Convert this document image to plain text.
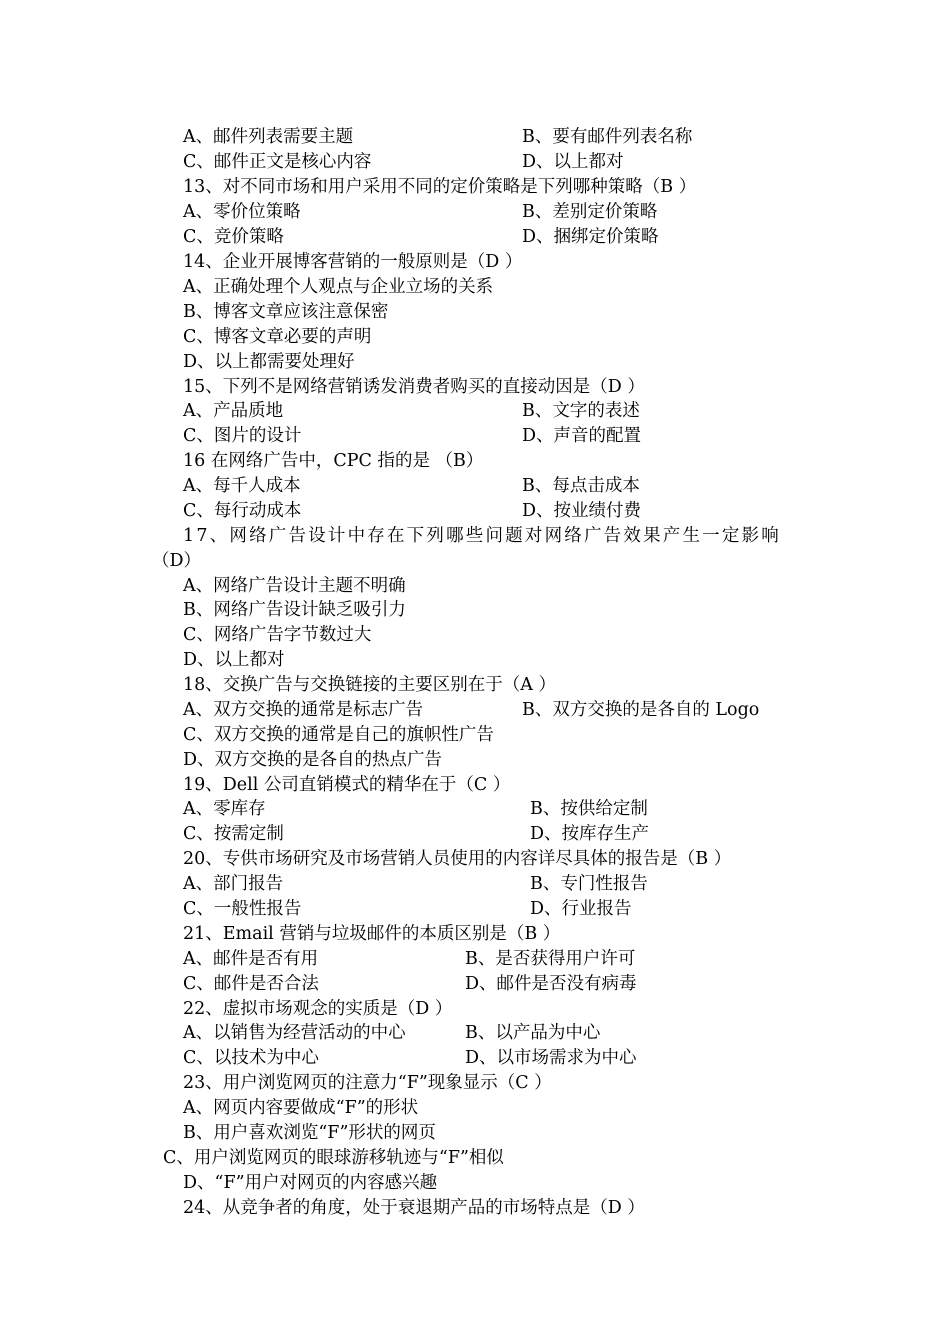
A、邮件列表需要主题	B、要有邮件列表名称
C、邮件正文是核心内容	D、以上都对
13、对不同市场和用户采用不同的定价策略是下列哪种策略（B ）
A、零价位策略	B、差别定价策略
C、竞价策略	D、捆绑定价策略
14、企业开展博客营销的一般原则是（D ）
A、正确处理个人观点与企业立场的关系
B、博客文章应该注意保密
C、博客文章必要的声明
D、以上都需要处理好
15、下列不是网络营销诱发消费者购买的直接动因是（D ）
A、产品质地	B、文字的表述
C、图片的设计	D、声音的配置
16 在网络广告中，CPC 指的是 （B）
A、每千人成本	B、每点击成本
C、每行动成本	D、按业绩付费
17、网络广告设计中存在下列哪些问题对网络广告效果产生一定影响
（D）
A、网络广告设计主题不明确
B、网络广告设计缺乏吸引力
C、网络广告字节数过大
D、以上都对
18、交换广告与交换链接的主要区别在于（A ）
A、双方交换的通常是标志广告	B、双方交换的是各自的 Logo
C、双方交换的通常是自己的旗帜性广告
D、双方交换的是各自的热点广告
19、Dell 公司直销模式的精华在于（C ）
A、零库存	B、按供给定制
C、按需定制	D、按库存生产
20、专供市场研究及市场营销人员使用的内容详尽具体的报告是（B ）
A、部门报告	B、专门性报告
C、一般性报告	D、行业报告
21、Email 营销与垃圾邮件的本质区别是（B ）
A、邮件是否有用	B、是否获得用户许可
C、邮件是否合法	D、邮件是否没有病毒
22、虚拟市场观念的实质是（D ）
A、以销售为经营活动的中心	B、以产品为中心
C、以技术为中心	D、以市场需求为中心
23、用户浏览网页的注意力“F”现象显示（C ）
A、网页内容要做成“F”的形状
B、用户喜欢浏览“F”形状的网页
C、用户浏览网页的眼球游移轨迹与“F”相似
D、“F”用户对网页的内容感兴趣
24、从竞争者的角度，处于衰退期产品的市场特点是（D ）
